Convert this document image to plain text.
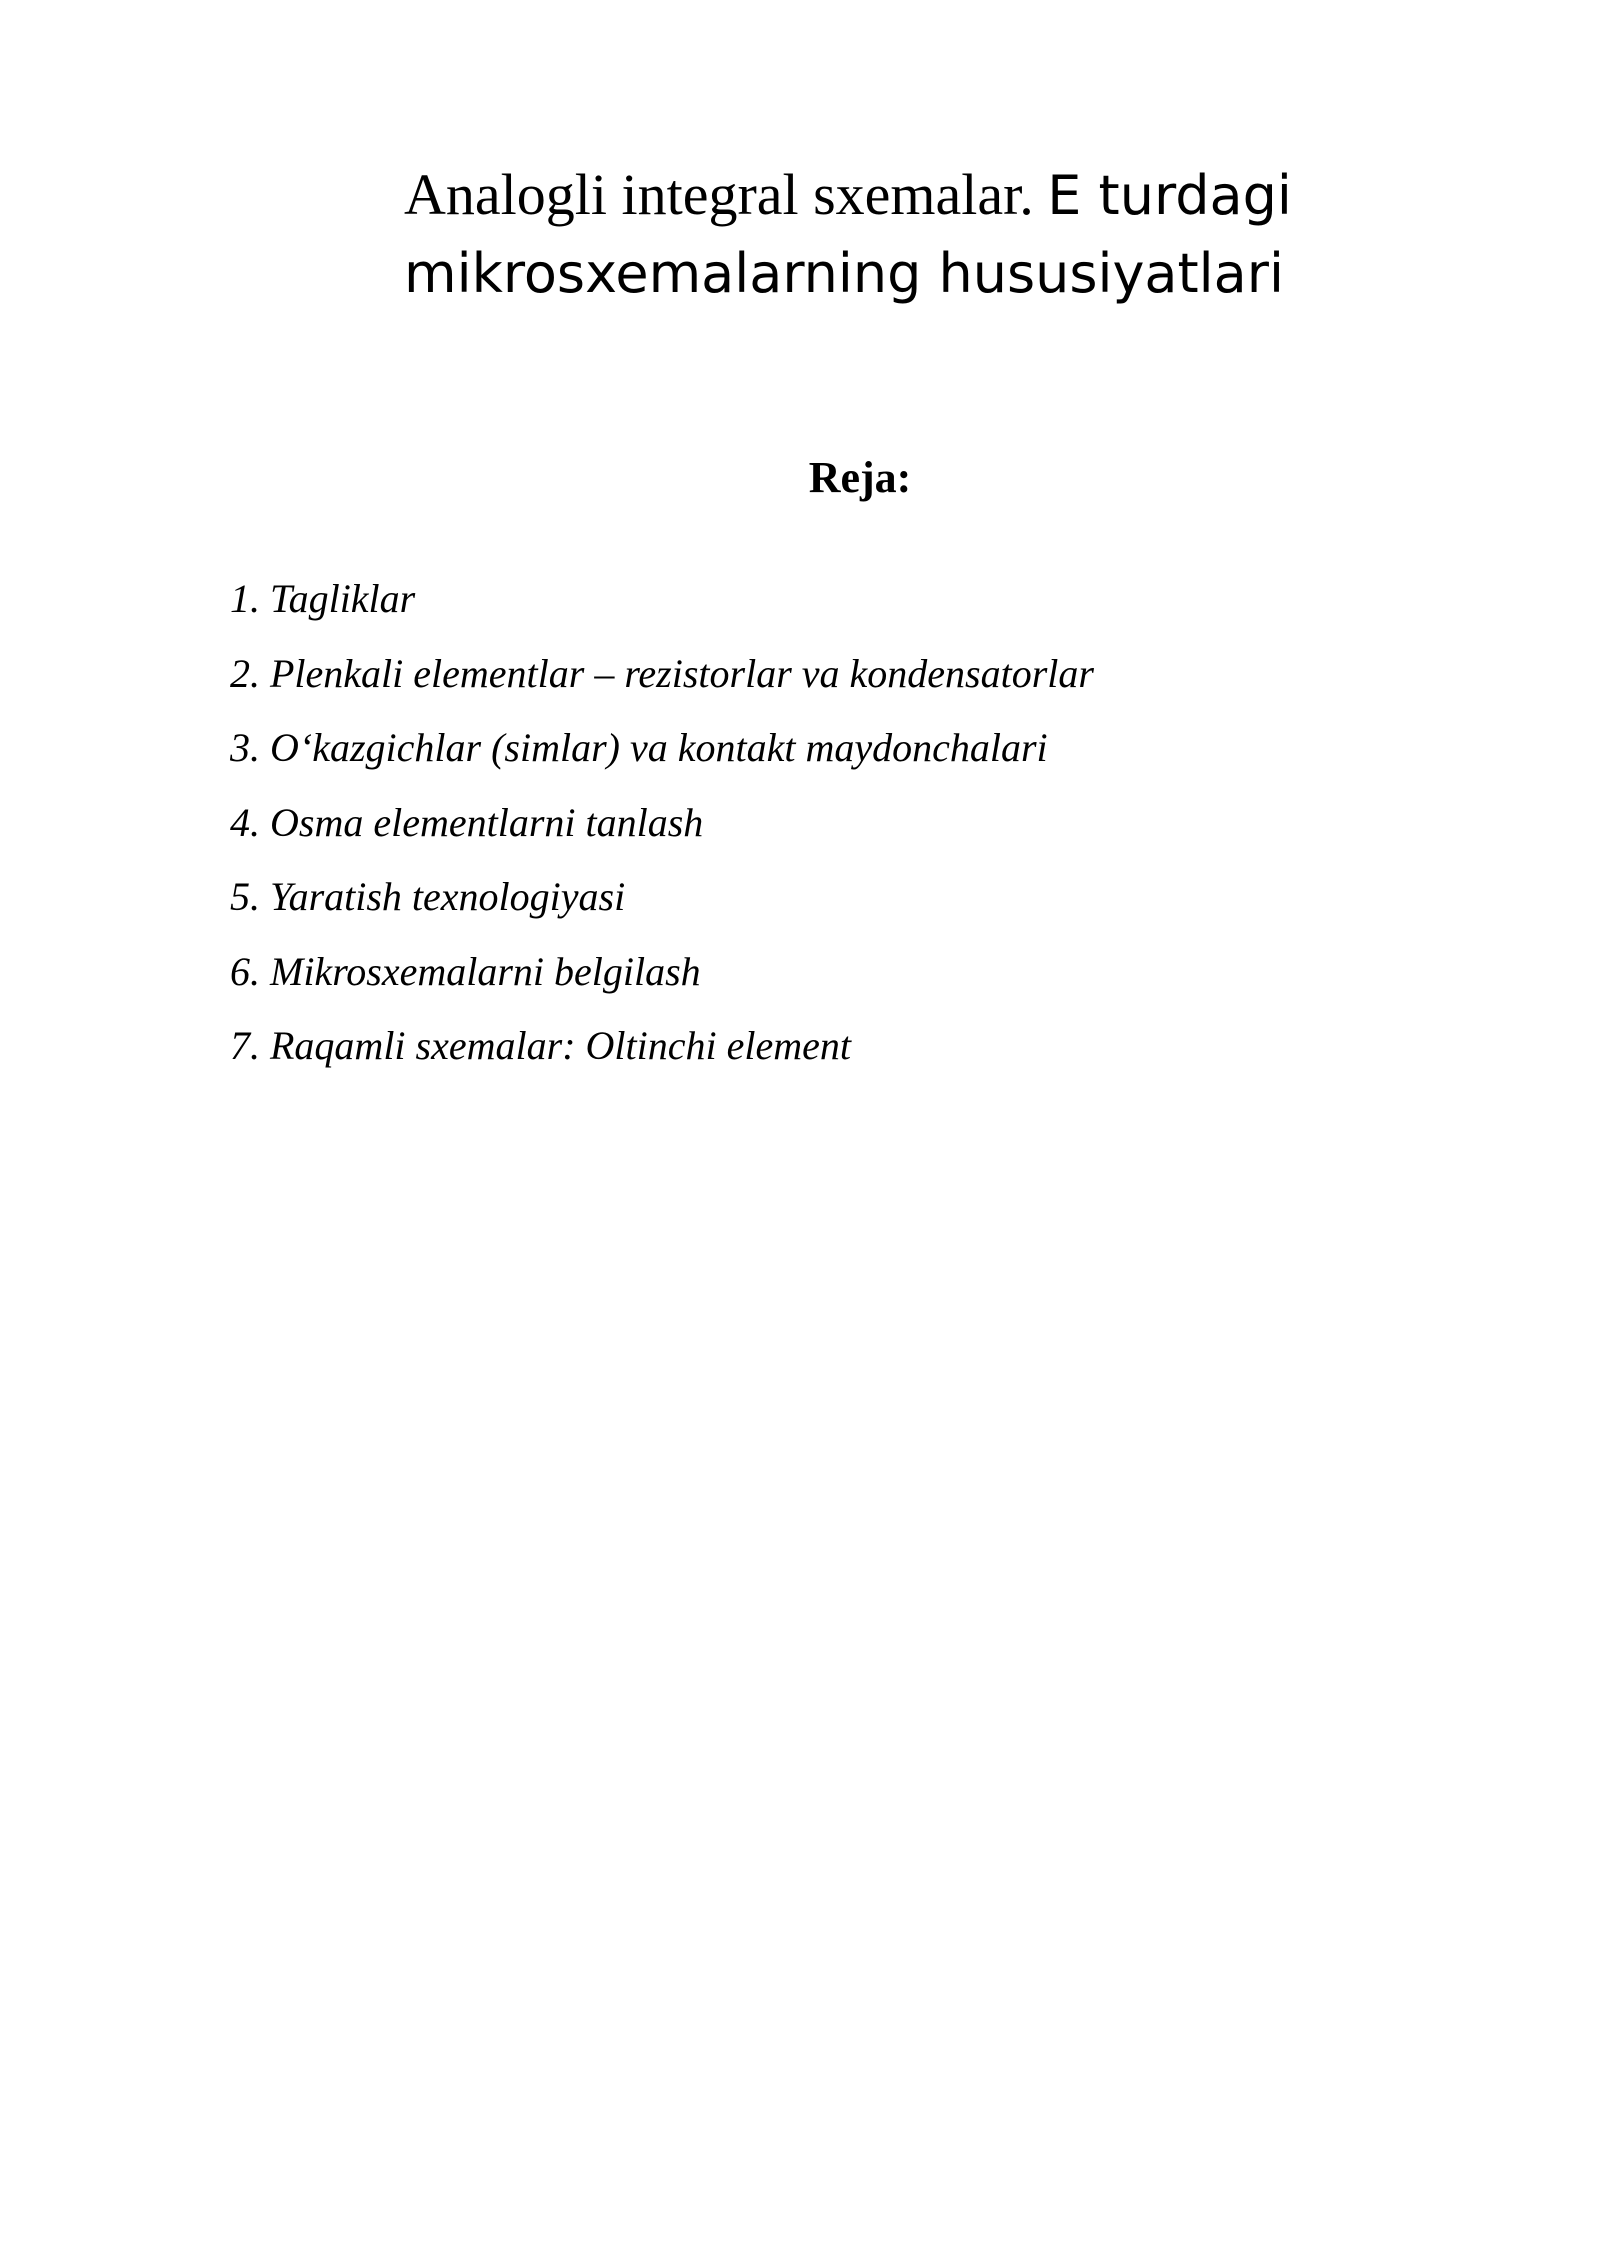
Analogli integral sxemalar. E turdagi mikrosxemalarning hususiyatlari
Reja:
1. Tagliklar
2. Plenkali elementlar – rezistorlar va kondensatorlar
3. O‘kazgichlar (simlar) va kontakt maydonchalari
4. Osma elementlarni tanlash
5. Yaratish texnologiyasi
6. Mikrosxemalarni belgilash
7. Raqamli sxemalar: Oltinchi element
